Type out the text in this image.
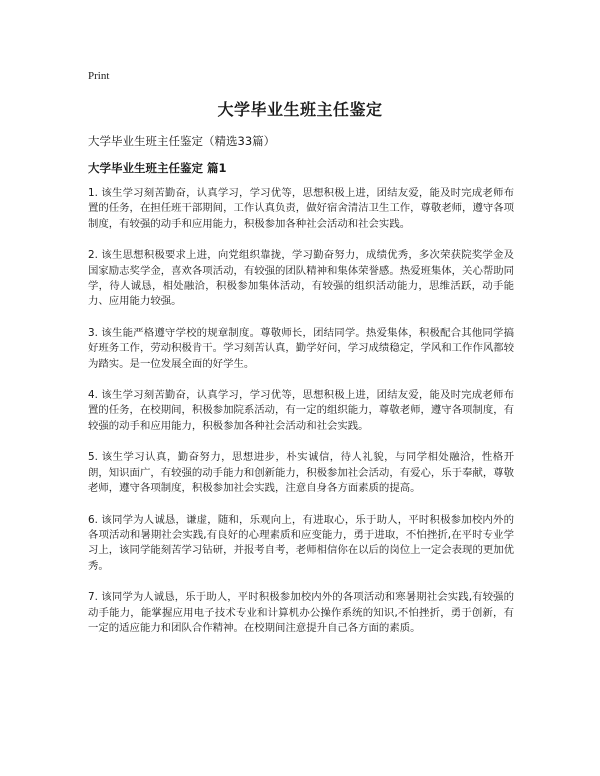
Print
大学毕业生班主任鉴定
大学毕业生班主任鉴定（精选33篇）
大学毕业生班主任鉴定 篇1

1. 该生学习刻苦勤奋，认真学习，学习优等，思想积极上进，团结友爱，能及时完成老师布置的任务，在担任班干部期间，工作认真负责，做好宿舍清洁卫生工作，尊敬老师，遵守各项制度，有较强的动手和应用能力，积极参加各种社会活动和社会实践。

2. 该生思想积极要求上进，向党组织靠拢，学习勤奋努力，成绩优秀，多次荣获院奖学金及国家励志奖学金，喜欢各项活动，有较强的团队精神和集体荣誉感。热爱班集体，关心帮助同学，待人诚恳，相处融洽，积极参加集体活动，有较强的组织活动能力，思维活跃，动手能力、应用能力较强。

3. 该生能严格遵守学校的规章制度。尊敬师长，团结同学。热爱集体，积极配合其他同学搞好班务工作，劳动积极肯干。学习刻苦认真，勤学好问，学习成绩稳定，学风和工作作风都较为踏实。是一位发展全面的好学生。

4. 该生学习刻苦勤奋，认真学习，学习优等，思想积极上进，团结友爱，能及时完成老师布置的任务，在校期间，积极参加院系活动，有一定的组织能力，尊敬老师，遵守各项制度，有较强的动手和应用能力，积极参加各种社会活动和社会实践。

5. 该生学习认真，勤奋努力，思想进步，朴实诚信，待人礼貌，与同学相处融洽，性格开朗，知识面广，有较强的动手能力和创新能力，积极参加社会活动，有爱心，乐于奉献，尊敬老师，遵守各项制度，积极参加社会实践，注意自身各方面素质的提高。

6. 该同学为人诚恳，谦虚，随和，乐观向上，有进取心，乐于助人，平时积极参加校内外的各项活动和暑期社会实践,有良好的心理素质和应变能力，勇于进取，不怕挫折,在平时专业学习上，该同学能刻苦学习钻研，并报考自考，老师相信你在以后的岗位上一定会表现的更加优秀。

7. 该同学为人诚恳，乐于助人，平时积极参加校内外的各项活动和寒暑期社会实践,有较强的动手能力，能掌握应用电子技术专业和计算机办公操作系统的知识,不怕挫折，勇于创新，有一定的适应能力和团队合作精神。在校期间注意提升自己各方面的素质。
